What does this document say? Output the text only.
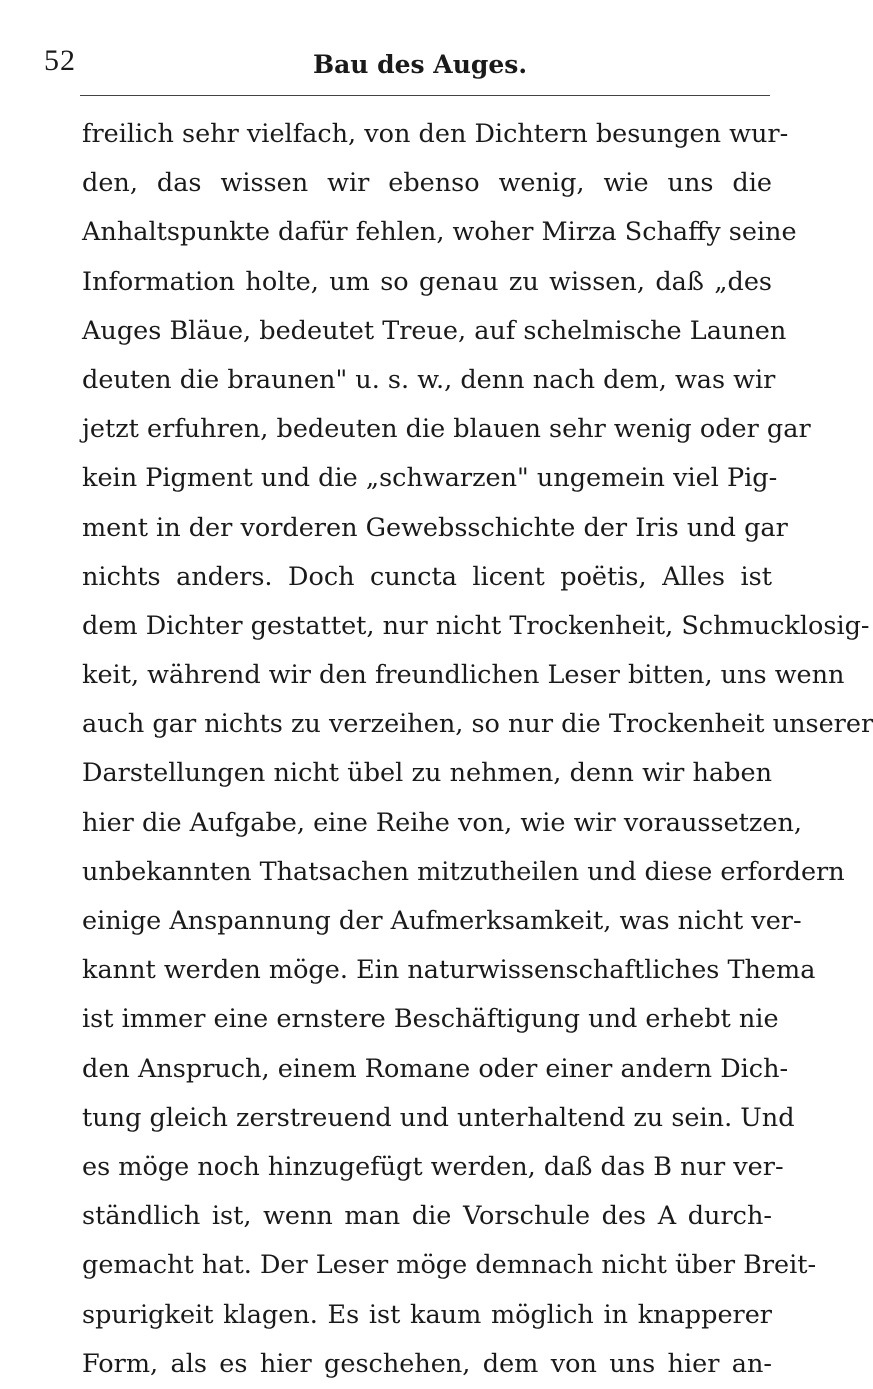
52	Bau des Auges.
freilich sehr vielfach, von den Dichtern besungen wur-
den, das wissen wir ebenso wenig, wie uns die
Anhaltspunkte dafür fehlen, woher Mirza Schaffy seine
Information holte, um so genau zu wissen, daß „des
Auges Bläue, bedeutet Treue, auf schelmische Launen
deuten die braunen" u. s. w., denn nach dem, was wir
jetzt erfuhren, bedeuten die blauen sehr wenig oder gar
kein Pigment und die „schwarzen" ungemein viel Pig-
ment in der vorderen Gewebsschichte der Iris und gar
nichts anders. Doch cuncta licent poëtis, Alles ist
dem Dichter gestattet, nur nicht Trockenheit, Schmucklosig-
keit, während wir den freundlichen Leser bitten, uns wenn
auch gar nichts zu verzeihen, so nur die Trockenheit unserer
Darstellungen nicht übel zu nehmen, denn wir haben
hier die Aufgabe, eine Reihe von, wie wir voraussetzen,
unbekannten Thatsachen mitzutheilen und diese erfordern
einige Anspannung der Aufmerksamkeit, was nicht ver-
kannt werden möge. Ein naturwissenschaftliches Thema
ist immer eine ernstere Beschäftigung und erhebt nie
den Anspruch, einem Romane oder einer andern Dich-
tung gleich zerstreuend und unterhaltend zu sein. Und
es möge noch hinzugefügt werden, daß das B nur ver-
ständlich ist, wenn man die Vorschule des A durch-
gemacht hat. Der Leser möge demnach nicht über Breit-
spurigkeit klagen. Es ist kaum möglich in knapperer
Form, als es hier geschehen, dem von uns hier an-
